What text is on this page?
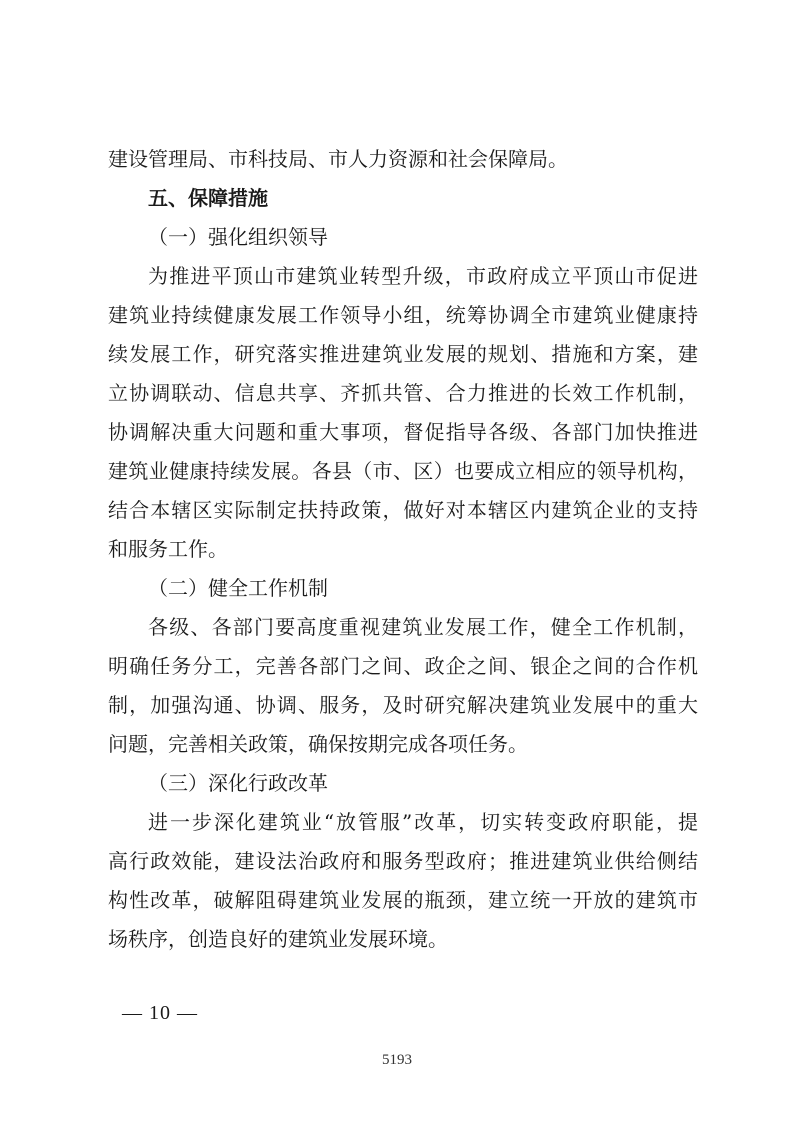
建设管理局、市科技局、市人力资源和社会保障局。
五、保障措施
（一）强化组织领导
为推进平顶山市建筑业转型升级，市政府成立平顶山市促进
建筑业持续健康发展工作领导小组，统筹协调全市建筑业健康持
续发展工作，研究落实推进建筑业发展的规划、措施和方案，建
立协调联动、信息共享、齐抓共管、合力推进的长效工作机制，
协调解决重大问题和重大事项，督促指导各级、各部门加快推进
建筑业健康持续发展。各县（市、区）也要成立相应的领导机构，
结合本辖区实际制定扶持政策，做好对本辖区内建筑企业的支持
和服务工作。
（二）健全工作机制
各级、各部门要高度重视建筑业发展工作，健全工作机制，
明确任务分工，完善各部门之间、政企之间、银企之间的合作机
制，加强沟通、协调、服务，及时研究解决建筑业发展中的重大
问题，完善相关政策，确保按期完成各项任务。
（三）深化行政改革
进一步深化建筑业“放管服”改革，切实转变政府职能，提
高行政效能，建设法治政府和服务型政府；推进建筑业供给侧结
构性改革，破解阻碍建筑业发展的瓶颈，建立统一开放的建筑市
场秩序，创造良好的建筑业发展环境。
— 10 —
5193
